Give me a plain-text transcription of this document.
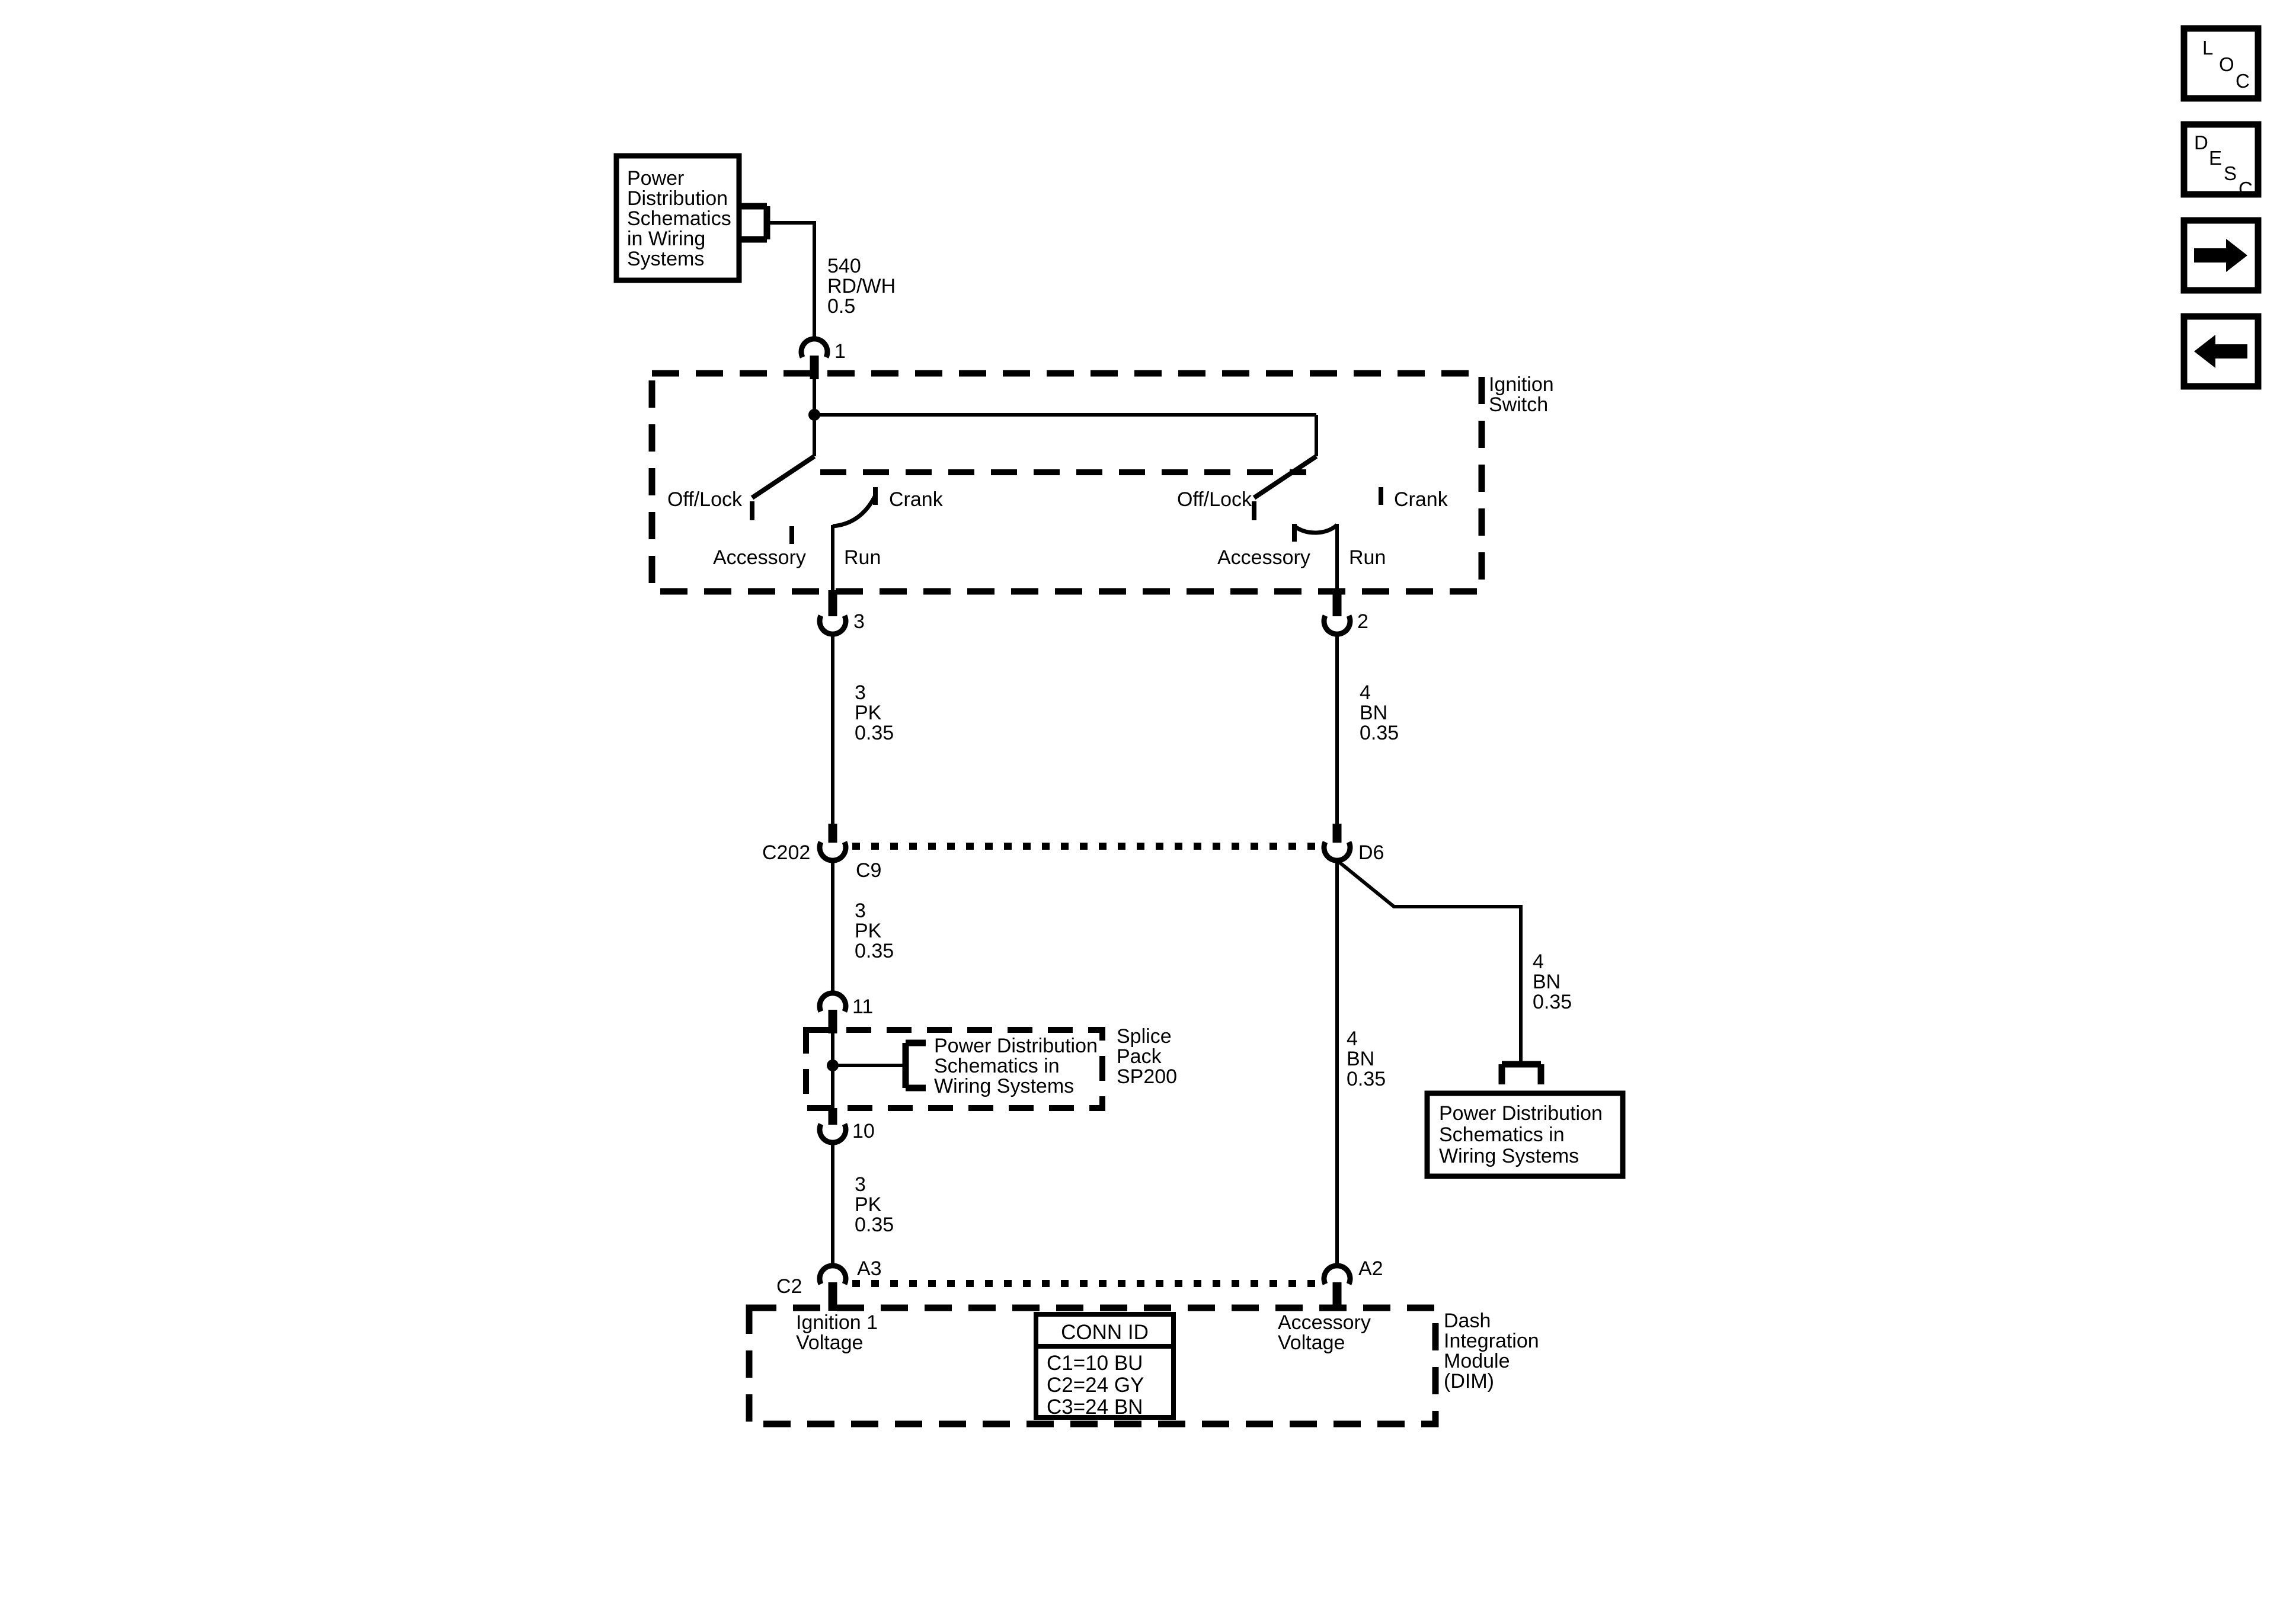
Power
Distribution
Schematics
in Wiring
Systems	540
RD/WH
0.5
1
Ignition
Switch
Off/Lock	Crank
Accessory Run
Off/Lock	Crank
Accessory Run
3	2
3
PK
0.35
4
BN
0.35
C202
C9
D6
3
PK
0.35
11
Power Distribution
Schematics in
Wiring Systems
Splice
Pack
SP200
10
3
PK
0.35
4
BN
0.35
4
BN
0.35
Power Distribution
Schematics in
Wiring Systems
A3
C2
A2
Dash
Integration
Module
(DIM)
Ignition 1
Voltage
Accessory
Voltage
CONN ID
C1=10 BU
C2=24 GY
C3=24 BN
L
O
C
D
E
S
C
